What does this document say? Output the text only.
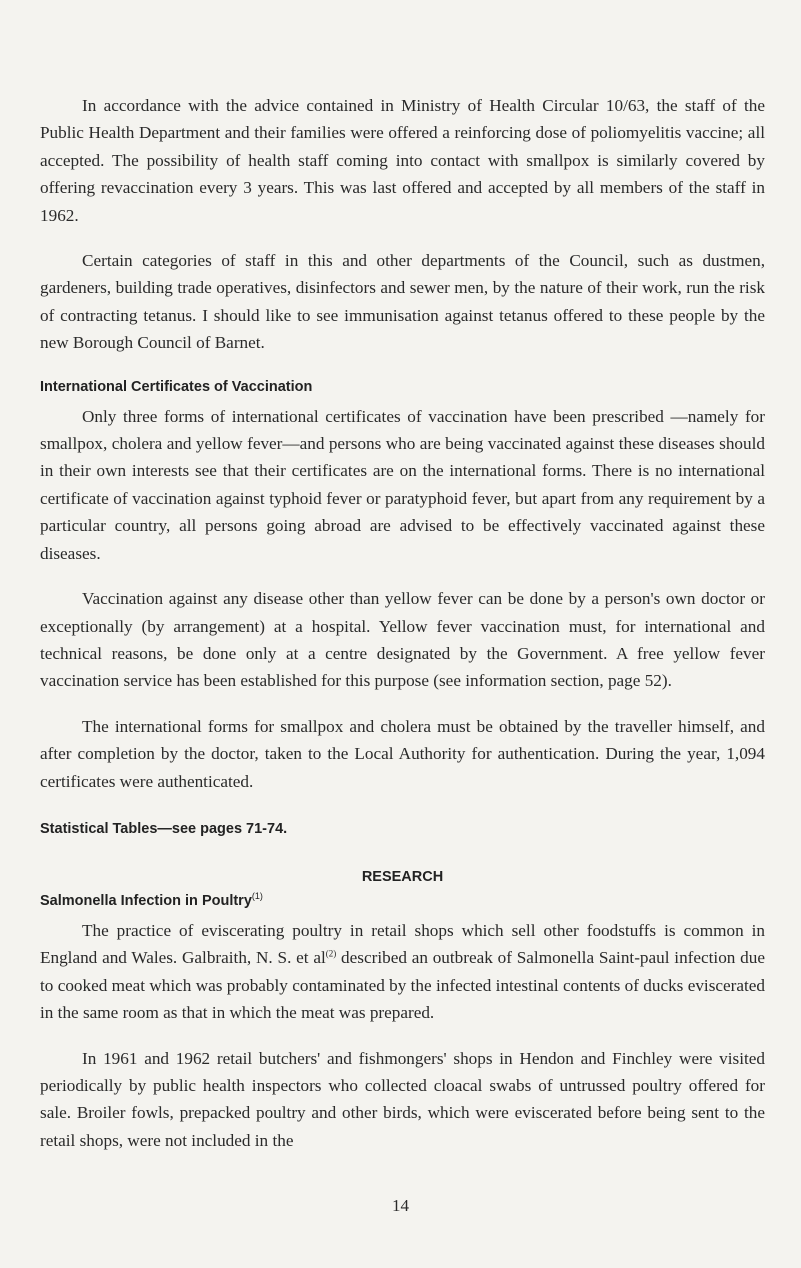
In accordance with the advice contained in Ministry of Health Circular 10/63, the staff of the Public Health Department and their families were offered a reinforcing dose of poliomyelitis vaccine; all accepted. The possibility of health staff coming into contact with smallpox is similarly covered by offering revaccination every 3 years. This was last offered and accepted by all members of the staff in 1962.

Certain categories of staff in this and other departments of the Council, such as dustmen, gardeners, building trade operatives, disinfectors and sewer men, by the nature of their work, run the risk of contracting tetanus. I should like to see immunisation against tetanus offered to these people by the new Borough Council of Barnet.

International Certificates of Vaccination

Only three forms of international certificates of vaccination have been prescribed —namely for smallpox, cholera and yellow fever—and persons who are being vaccinated against these diseases should in their own interests see that their certificates are on the international forms. There is no international certificate of vaccination against typhoid fever or paratyphoid fever, but apart from any requirement by a particular country, all persons going abroad are advised to be effectively vaccinated against these diseases.

Vaccination against any disease other than yellow fever can be done by a person's own doctor or exceptionally (by arrangement) at a hospital. Yellow fever vaccination must, for international and technical reasons, be done only at a centre designated by the Government. A free yellow fever vaccination service has been established for this purpose (see information section, page 52).

The international forms for smallpox and cholera must be obtained by the traveller himself, and after completion by the doctor, taken to the Local Authority for authentication. During the year, 1,094 certificates were authenticated.

Statistical Tables—see pages 71-74.
RESEARCH
Salmonella Infection in Poultry$^{(1)}$

The practice of eviscerating poultry in retail shops which sell other foodstuffs is common in England and Wales. Galbraith, N. S. et $al^{(2)}$ described an outbreak of Salmonella Saint-paul infection due to cooked meat which was probably contaminated by the infected intestinal contents of ducks eviscerated in the same room as that in which the meat was prepared.

In 1961 and 1962 retail butchers' and fishmongers' shops in Hendon and Finchley were visited periodically by public health inspectors who collected cloacal swabs of untrussed poultry offered for sale. Broiler fowls, prepacked poultry and other birds, which were eviscerated before being sent to the retail shops, were not included in the

14
